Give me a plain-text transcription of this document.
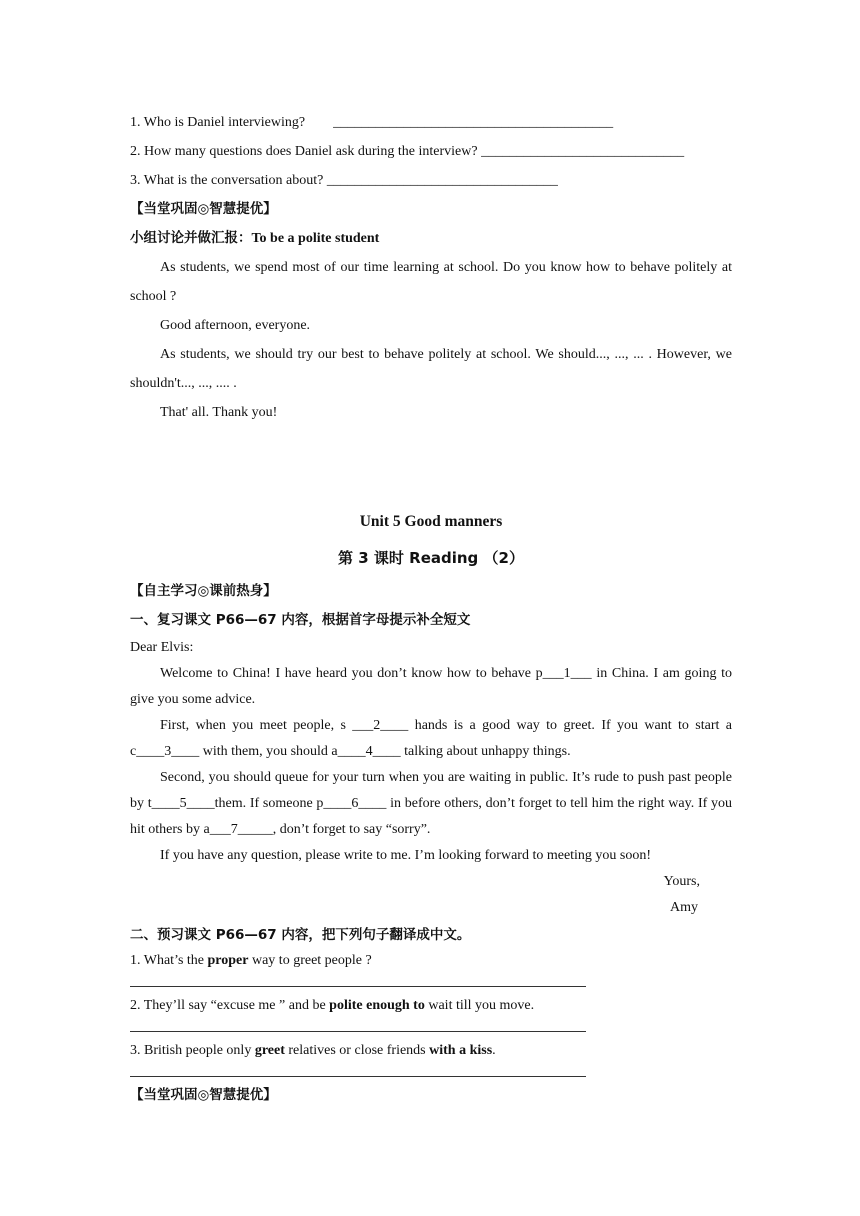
1. Who is Daniel interviewing?        ________________________________________
2. How many questions does Daniel ask during the interview? _____________________________
3. What is the conversation about? _________________________________
【当堂巩固◎智慧提优】
小组讨论并做汇报：To be a polite student
As students, we spend most of our time learning at school. Do you know how to behave politely at school ?
Good afternoon, everyone.
As students, we should try our best to behave politely at school. We should..., ..., ... . However, we shouldn't..., ..., .... .
That' all. Thank you!
Unit 5 Good manners
第 3 课时 Reading （2）
【自主学习◎课前热身】
一、复习课文 P66—67 内容，根据首字母提示补全短文
Dear Elvis:
Welcome to China! I have heard you don’t know how to behave p___1___ in China. I am going to give you some advice.
First, when you meet people, s ___2____ hands is a good way to greet. If you want to start a c____3____ with them, you should a____4____ talking about unhappy things.
Second, you should queue for your turn when you are waiting in public. It’s rude to push past people by t____5____them. If someone p____6____ in before others, don’t forget to tell him the right way. If you hit others by a___7_____, don’t forget to say “sorry”.
If you have any question, please write to me. I’m looking forward to meeting you soon!
Yours,
Amy
二、预习课文 P66—67 内容，把下列句子翻译成中文。
1. What’s the proper way to greet people ?
2. They’ll say “excuse me ” and be polite enough to wait till you move.
3. British people only greet relatives or close friends with a kiss.
【当堂巩固◎智慧提优】
